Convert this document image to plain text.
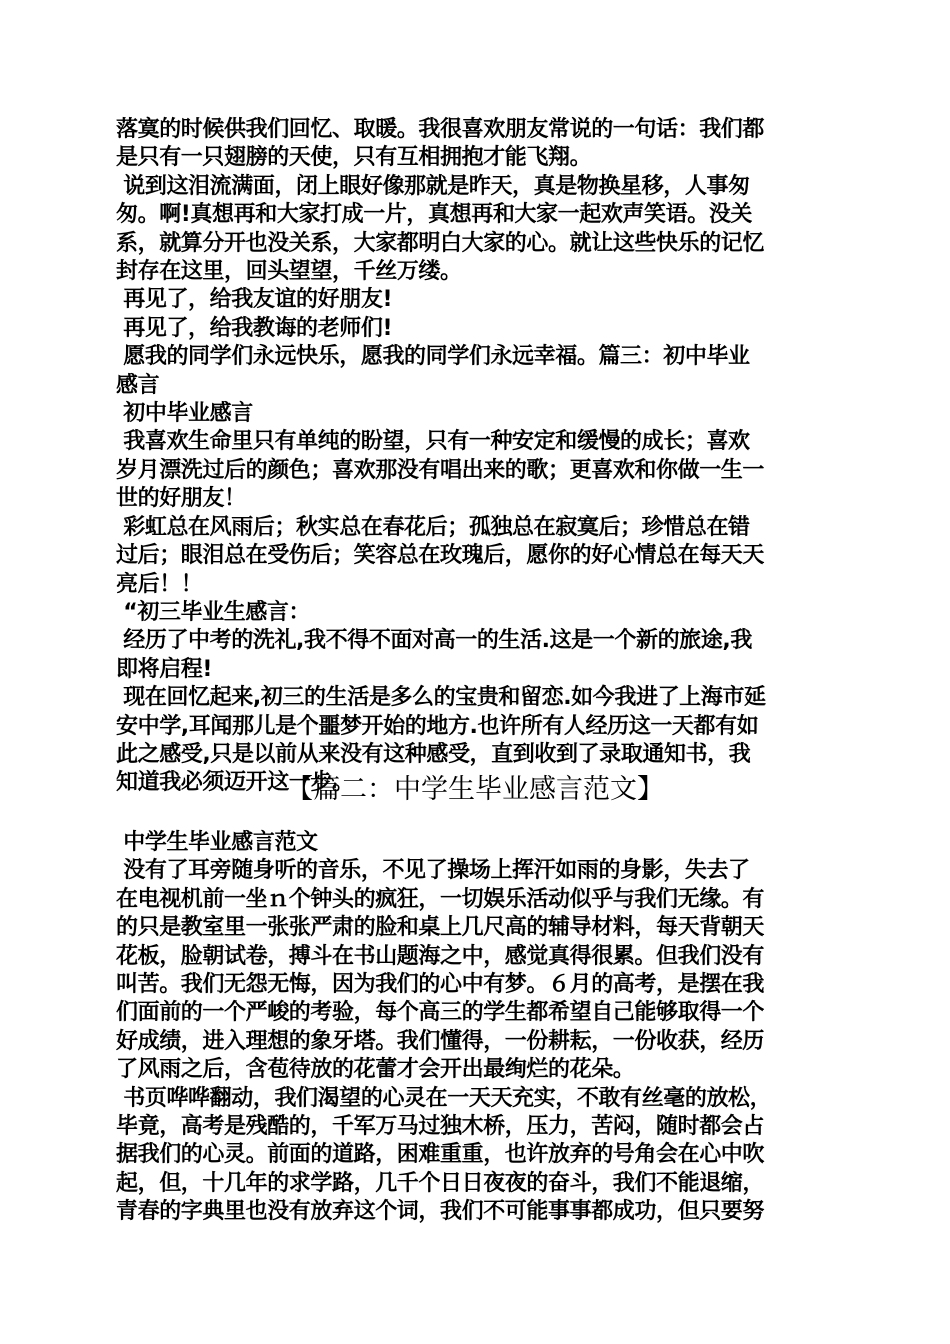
落寞的时候供我们回忆、取暖。我很喜欢朋友常说的一句话：我们都
是只有一只翅膀的天使，只有互相拥抱才能飞翔。
说到这泪流满面，闭上眼好像那就是昨天，真是物换星移，人事匆
匆。啊!真想再和大家打成一片，真想再和大家一起欢声笑语。没关
系，就算分开也没关系，大家都明白大家的心。就让这些快乐的记忆
封存在这里，回头望望，千丝万缕。
再见了，给我友谊的好朋友!
再见了，给我教诲的老师们!
愿我的同学们永远快乐，愿我的同学们永远幸福。篇三：初中毕业
感言
初中毕业感言
我喜欢生命里只有单纯的盼望，只有一种安定和缓慢的成长；喜欢
岁月漂洗过后的颜色；喜欢那没有唱出来的歌；更喜欢和你做一生一
世的好朋友！
彩虹总在风雨后；秋实总在春花后；孤独总在寂寞后；珍惜总在错
过后；眼泪总在受伤后；笑容总在玫瑰后，愿你的好心情总在每天天
亮后！！
“初三毕业生感言：
经历了中考的洗礼,我不得不面对高一的生活.这是一个新的旅途,我
即将启程!
现在回忆起来,初三的生活是多么的宝贵和留恋.如今我进了上海市延
安中学,耳闻那儿是个噩梦开始的地方.也许所有人经历这一天都有如
此之感受,只是以前从来没有这种感受，直到收到了录取通知书，我
知道我必须迈开这一步。
【篇二：中学生毕业感言范文】
中学生毕业感言范文
没有了耳旁随身听的音乐，不见了操场上挥汗如雨的身影，失去了
在电视机前一坐ｎ个钟头的疯狂，一切娱乐活动似乎与我们无缘。有
的只是教室里一张张严肃的脸和桌上几尺高的辅导材料，每天背朝天
花板，脸朝试卷，搏斗在书山题海之中，感觉真得很累。但我们没有
叫苦。我们无怨无悔，因为我们的心中有梦。６月的高考，是摆在我
们面前的一个严峻的考验，每个高三的学生都希望自己能够取得一个
好成绩，进入理想的象牙塔。我们懂得，一份耕耘，一份收获，经历
了风雨之后，含苞待放的花蕾才会开出最绚烂的花朵。
书页哗哗翻动，我们渴望的心灵在一天天充实，不敢有丝毫的放松，
毕竟，高考是残酷的，千军万马过独木桥，压力，苦闷，随时都会占
据我们的心灵。前面的道路，困难重重，也许放弃的号角会在心中吹
起，但，十几年的求学路，几千个日日夜夜的奋斗，我们不能退缩，
青春的字典里也没有放弃这个词，我们不可能事事都成功，但只要努
